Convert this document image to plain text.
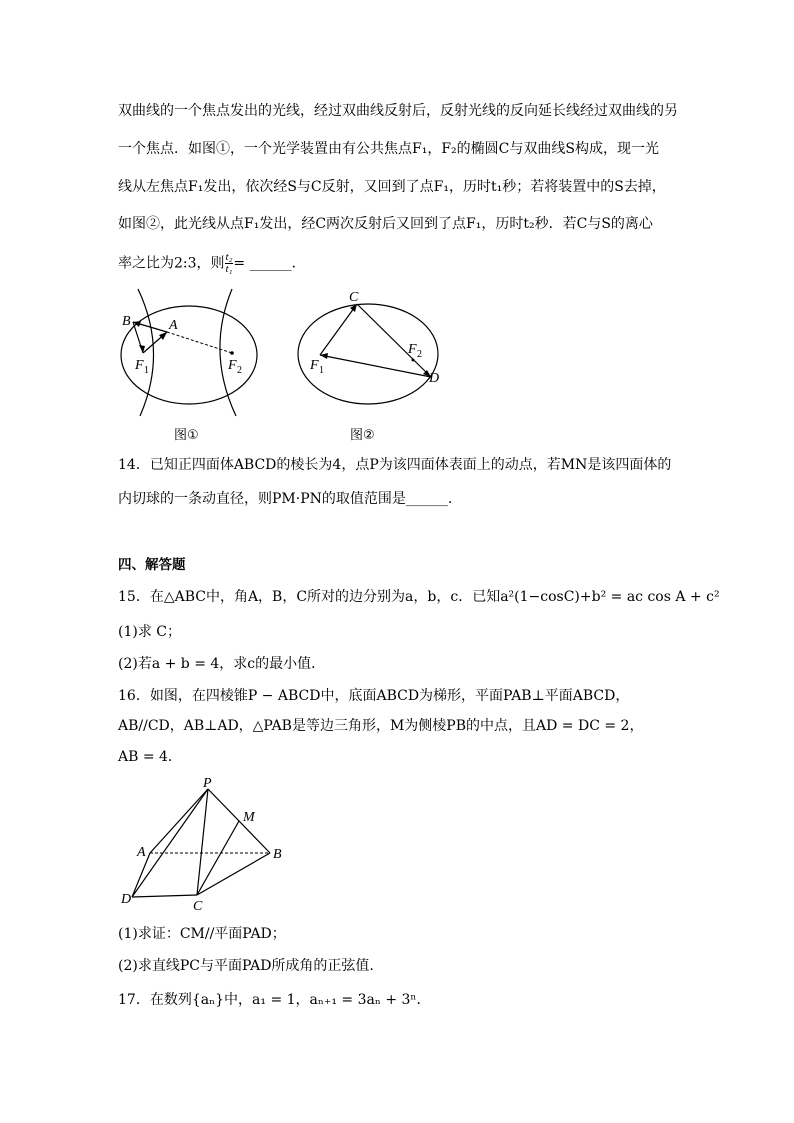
双曲线的一个焦点发出的光线，经过双曲线反射后，反射光线的反向延长线经过双曲线的另
一个焦点．如图①，一个光学装置由有公共焦点F₁，F₂的椭圆C与双曲线S构成，现一光
线从左焦点F₁发出，依次经S与C反射，又回到了点F₁，历时t₁秒；若将装置中的S去掉，
如图②，此光线从点F₁发出，经C两次反射后又回到了点F₁，历时t₂秒．若C与S的离心
率之比为2:3，则 $\frac{\text{t₂}}{\text{t₁}}$ = ______．
B	A
F 1	F 2
图①
C
F 1
F 2
D
图②
14．已知正四面体ABCD的棱长为4，点P为该四面体表面上的动点，若MN是该四面体的
内切球的一条动直径，则PM·PN的取值范围是______.
四、解答题
15．在△ABC中，角A，B，C所对的边分别为a，b，c．已知a²(1−cosC)+b² = ac cos A + c²
(1)求 C；
(2)若a + b = 4，求c的最小值．
16．如图，在四棱锥P − ABCD中，底面ABCD为梯形，平面PAB⊥平面ABCD，
AB//CD，AB⊥AD，△PAB是等边三角形，M为侧棱PB的中点，且AD = DC = 2，
AB = 4．
P
M
A	B
D	C
(1)求证：CM//平面PAD；
(2)求直线PC与平面PAD所成角的正弦值.
17．在数列{aₙ}中，a₁ = 1，aₙ₊₁ = 3aₙ + 3ⁿ．
